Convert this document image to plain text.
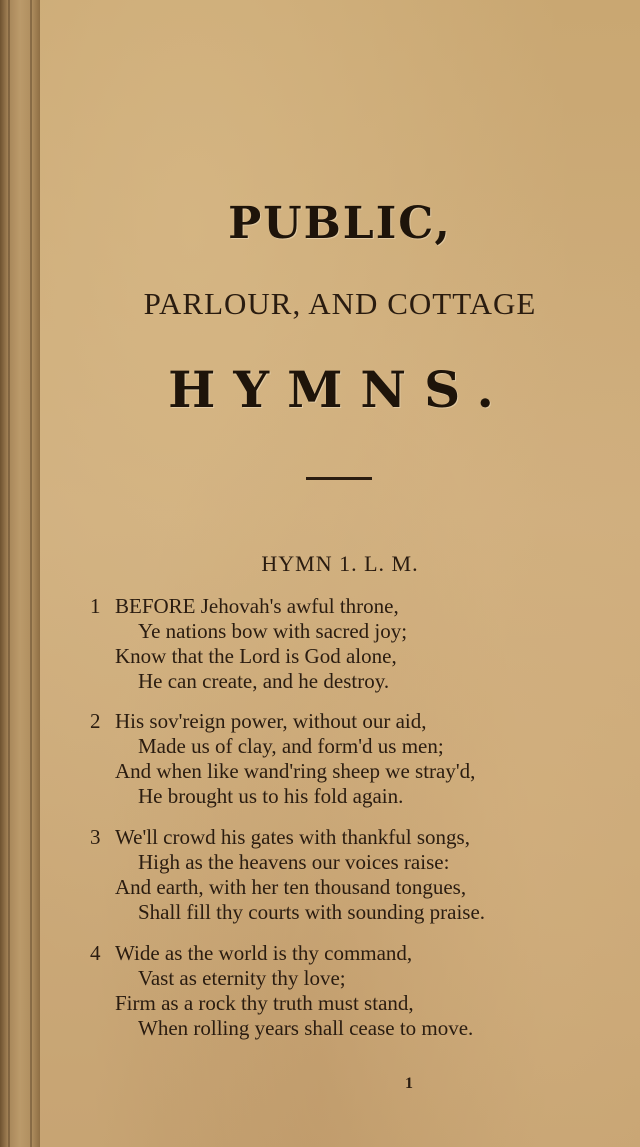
PUBLIC,
PARLOUR, AND COTTAGE
HYMNS.
HYMN 1. L. M.
1 BEFORE Jehovah's awful throne,
Ye nations bow with sacred joy;
Know that the Lord is God alone,
He can create, and he destroy.
2 His sov'reign power, without our aid,
Made us of clay, and form'd us men;
And when like wand'ring sheep we stray'd,
He brought us to his fold again.
3 We'll crowd his gates with thankful songs,
High as the heavens our voices raise:
And earth, with her ten thousand tongues,
Shall fill thy courts with sounding praise.
4 Wide as the world is thy command,
Vast as eternity thy love;
Firm as a rock thy truth must stand,
When rolling years shall cease to move.
1
